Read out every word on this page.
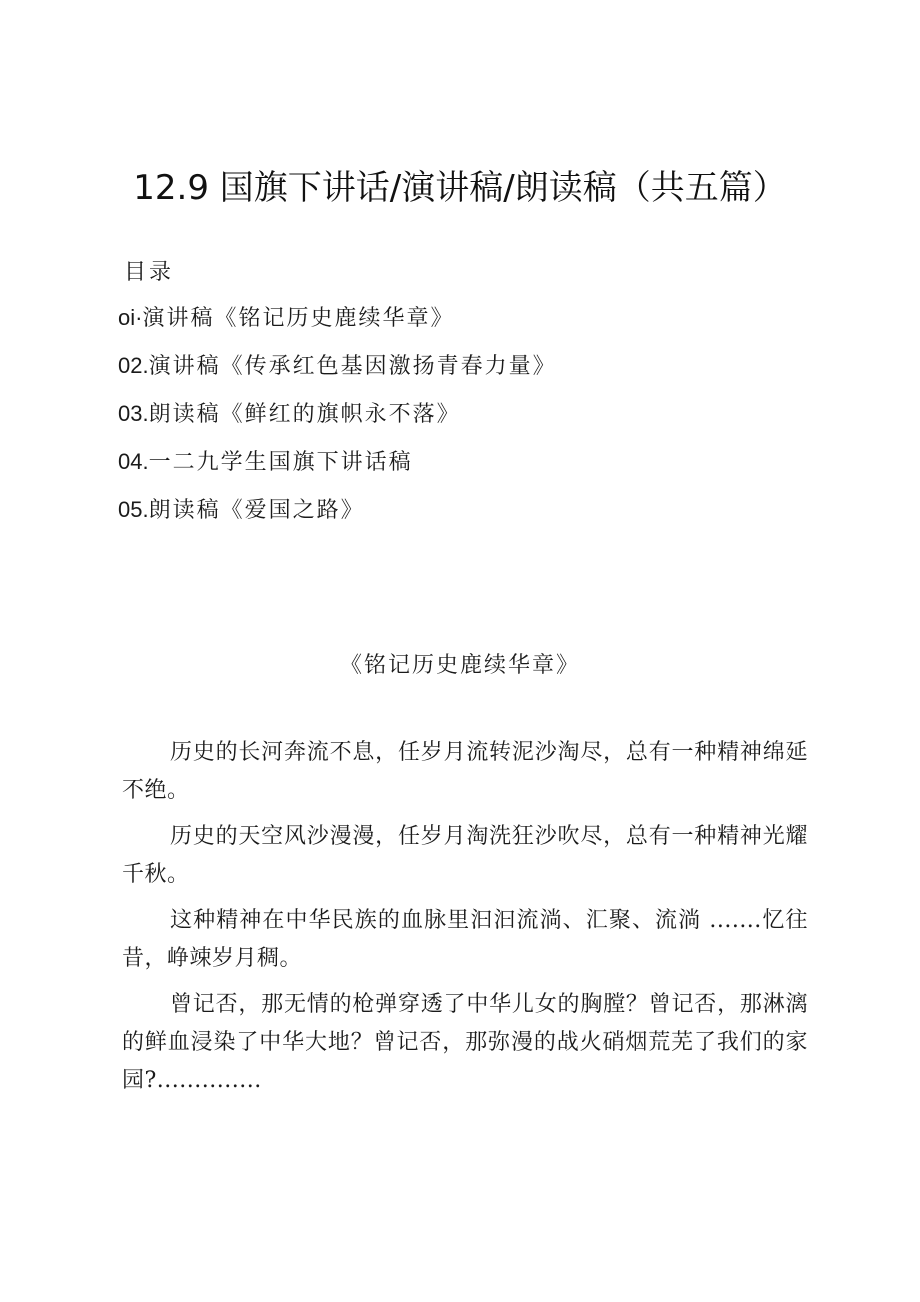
12.9 国旗下讲话/演讲稿/朗读稿（共五篇）
目录
oi·演讲稿《铭记历史鹿续华章》
02.演讲稿《传承红色基因激扬青春力量》
03.朗读稿《鲜红的旗帜永不落》
04.一二九学生国旗下讲话稿
05.朗读稿《爱国之路》
《铭记历史鹿续华章》

历史的长河奔流不息，任岁月流转泥沙淘尽，总有一种精神绵延不绝。

历史的天空风沙漫漫，任岁月淘洗狂沙吹尽，总有一种精神光耀千秋。

这种精神在中华民族的血脉里汩汩流淌、汇聚、流淌 .......忆往昔，峥竦岁月稠。

曾记否，那无情的枪弹穿透了中华儿女的胸膛？曾记否，那淋漓的鲜血浸染了中华大地？曾记否，那弥漫的战火硝烟荒芜了我们的家园?..............
